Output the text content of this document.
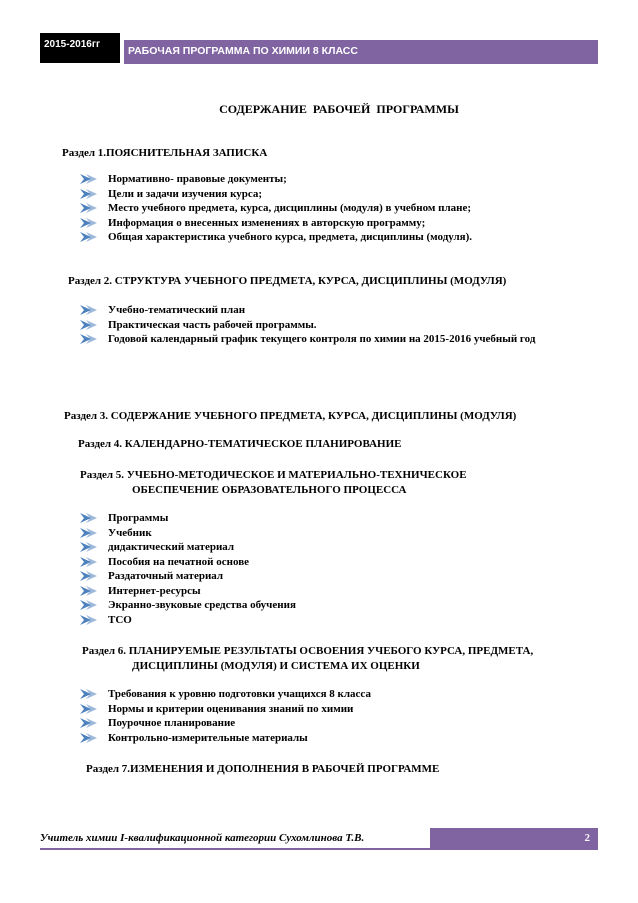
2015-2016гг
РАБОЧАЯ ПРОГРАММА ПО ХИМИИ 8 КЛАСС
СОДЕРЖАНИЕ РАБОЧЕЙ ПРОГРАММЫ
Раздел 1.ПОЯСНИТЕЛЬНАЯ ЗАПИСКА
Нормативно- правовые документы;
Цели и задачи изучения курса;
Место учебного предмета, курса, дисциплины (модуля) в учебном плане;
Информация о внесенных изменениях в авторскую программу;
Общая характеристика учебного курса, предмета, дисциплины (модуля).
Раздел 2. СТРУКТУРА УЧЕБНОГО ПРЕДМЕТА, КУРСА, ДИСЦИПЛИНЫ (МОДУЛЯ)
Учебно-тематический план
Практическая часть рабочей программы.
Годовой календарный график текущего контроля по химии на 2015-2016 учебный год
Раздел 3. СОДЕРЖАНИЕ УЧЕБНОГО ПРЕДМЕТА, КУРСА, ДИСЦИПЛИНЫ (МОДУЛЯ)
Раздел 4. КАЛЕНДАРНО-ТЕМАТИЧЕСКОЕ ПЛАНИРОВАНИЕ
Раздел 5. УЧЕБНО-МЕТОДИЧЕСКОЕ И МАТЕРИАЛЬНО-ТЕХНИЧЕСКОЕ
ОБЕСПЕЧЕНИЕ ОБРАЗОВАТЕЛЬНОГО ПРОЦЕССА
Программы
Учебник
дидактический материал
Пособия на печатной основе
Раздаточный материал
Интернет-ресурсы
Экранно-звуковые средства обучения
ТСО
Раздел 6. ПЛАНИРУЕМЫЕ РЕЗУЛЬТАТЫ ОСВОЕНИЯ УЧЕБОГО КУРСА, ПРЕДМЕТА,
ДИСЦИПЛИНЫ (МОДУЛЯ) И СИСТЕМА ИХ ОЦЕНКИ
Требования к уровню подготовки учащихся 8 класса
Нормы и критерии оценивания знаний по химии
Поурочное планирование
Контрольно-измерительные материалы
Раздел 7.ИЗМЕНЕНИЯ И ДОПОЛНЕНИЯ В РАБОЧЕЙ ПРОГРАММЕ
Учитель химии I-квалификационной категории Сухомлинова Т.В.	2
